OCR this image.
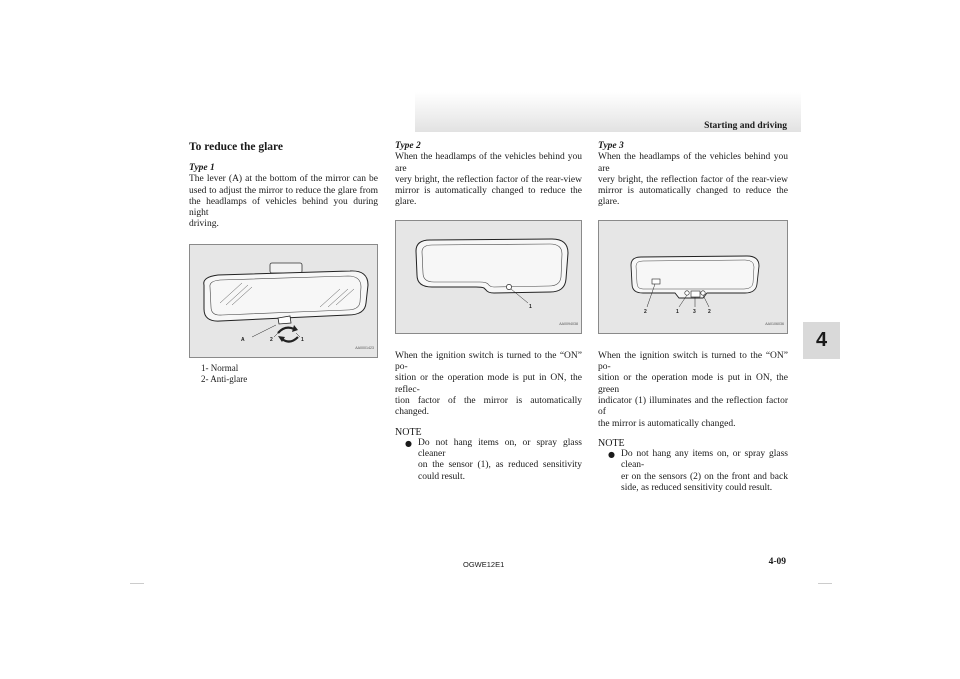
Starting and driving
4
To reduce the glare
Type 1

The lever (A) at the bottom of the mirror can be

used to adjust the mirror to reduce the glare from

the headlamps of vehicles behind you during night

driving.

A	2	1
AA0001423
1- Normal
2- Anti-glare
Type 2

When the headlamps of the vehicles behind you are

very bright, the reflection factor of the rear-view

mirror is automatically changed to reduce the glare.

1
AA0094038

When the ignition switch is turned to the “ON” po-

sition or the operation mode is put in ON, the reflec-

tion factor of the mirror is automatically changed.

NOTE
● Do not hang items on, or spray glass cleaner

on the sensor (1), as reduced sensitivity

could result.

Type 3

When the headlamps of the vehicles behind you are

very bright, the reflection factor of the rear-view

mirror is automatically changed to reduce the glare.

2	1	3 2
AA0106036

When the ignition switch is turned to the “ON” po-

sition or the operation mode is put in ON, the green

indicator (1) illuminates and the reflection factor of

the mirror is automatically changed.

NOTE
● Do not hang any items on, or spray glass clean-

er on the sensors (2) on the front and back

side, as reduced sensitivity could result.

OGWE12E1	4-09
